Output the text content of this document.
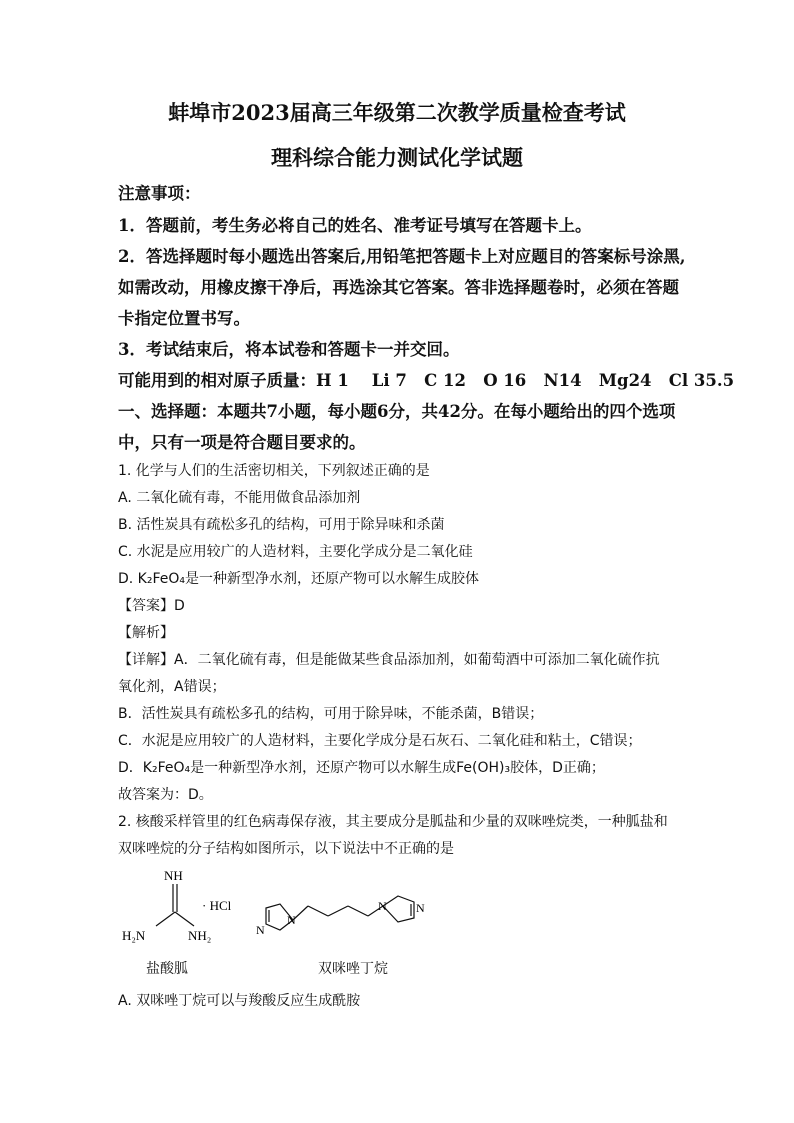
蚌埠市2023届高三年级第二次教学质量检查考试
理科综合能力测试化学试题
注意事项：
1．答题前，考生务必将自己的姓名、准考证号填写在答题卡上。
2．答选择题时每小题选出答案后,用铅笔把答题卡上对应题目的答案标号涂黑,
如需改动，用橡皮擦干净后，再选涂其它答案。答非选择题卷时，必须在答题
卡指定位置书写。
3．考试结束后，将本试卷和答题卡一并交回。
可能用到的相对原子质量：H 1    Li 7   C 12   O 16   N14   Mg24   Cl 35.5
一、选择题：本题共7小题，每小题6分，共42分。在每小题给出的四个选项
中，只有一项是符合题目要求的。
1. 化学与人们的生活密切相关，下列叙述正确的是
A. 二氧化硫有毒，不能用做食品添加剂
B. 活性炭具有疏松多孔的结构，可用于除异味和杀菌
C. 水泥是应用较广的人造材料，主要化学成分是二氧化硅
D. K₂FeO₄是一种新型净水剂，还原产物可以水解生成胶体
【答案】D
【解析】
【详解】A．二氧化硫有毒，但是能做某些食品添加剂，如葡萄酒中可添加二氧化硫作抗
氧化剂，A错误；
B．活性炭具有疏松多孔的结构，可用于除异味，不能杀菌，B错误；
C．水泥是应用较广的人造材料，主要化学成分是石灰石、二氧化硅和粘土，C错误；
D．K₂FeO₄是一种新型净水剂，还原产物可以水解生成Fe(OH)₃胶体，D正确；
故答案为：D。
2. 核酸采样管里的红色病毒保存液，其主要成分是胍盐和少量的双咪唑烷类，一种胍盐和
双咪唑烷的分子结构如图所示，以下说法中不正确的是
NH
H₂N	NH₂
· HCl
N
N
N N
盐酸胍	双咪唑丁烷
A. 双咪唑丁烷可以与羧酸反应生成酰胺
